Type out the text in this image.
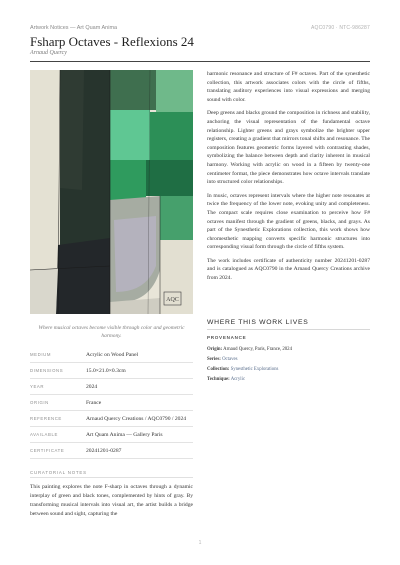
Artwork Notices — Art Quam Anima	AQC0790 · NTC-986287
Fsharp Octaves - Reflexions 24
Arnaud Quercy
AQC
Where musical octaves become visible through color and geometric harmony.
MEDIUM	Acrylic on Wood Panel
DIMENSIONS	15.0×21.0×0.3cm
YEAR	2024
ORIGIN	France
REFERENCE	Arnaud Quercy Creations / AQC0790 / 2024
AVAILABLE	Art Quam Anima — Gallery Paris
CERTIFICATE	20241201-0287
CURATORIAL NOTES
This painting explores the note F-sharp in octaves through a dynamic interplay of green and black tones, complemented by hints of gray. By transforming musical intervals into visual art, the artist builds a bridge between sound and sight, capturing the

harmonic resonance and structure of F# octaves. Part of the synesthetic collection, this artwork associates colors with the circle of fifths, translating auditory experiences into visual expressions and merging sound with color.

Deep greens and blacks ground the composition in richness and stability, anchoring the visual representation of the fundamental octave relationship. Lighter greens and grays symbolize the brighter upper registers, creating a gradient that mirrors tonal shifts and resonance. The composition features geometric forms layered with contrasting shades, symbolizing the balance between depth and clarity inherent in musical harmony. Working with acrylic on wood in a fifteen by twenty-one centimeter format, the piece demonstrates how octave intervals translate into structured color relationships.

In music, octaves represent intervals where the higher note resonates at twice the frequency of the lower note, evoking unity and completeness. The compact scale requires close examination to perceive how F# octaves manifest through the gradient of greens, blacks, and grays. As part of the Synesthetic Explorations collection, this work shows how chromesthetic mapping converts specific harmonic structures into corresponding visual form through the circle of fifths system.

The work includes certificate of authenticity number 20241201-0287 and is catalogued as AQC0790 in the Arnaud Quercy Creations archive from 2024.

WHERE THIS WORK LIVES
PROVENANCE
Origin: Arnaud Quercy, Paris, France, 2024
Series: Octaves
Collection: Synesthetic Explorations
Technique: Acrylic
1
